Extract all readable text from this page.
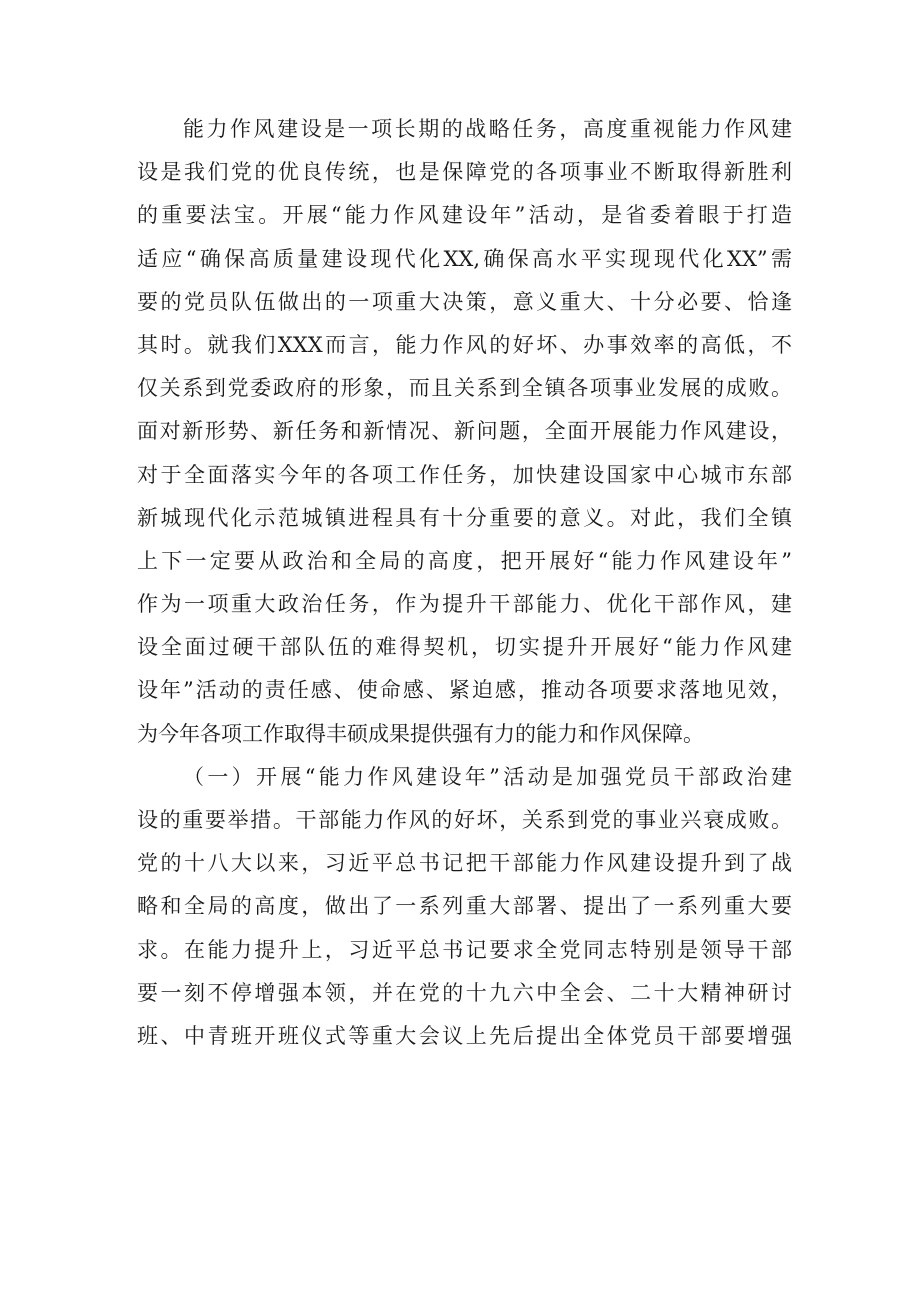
能力作风建设是一项长期的战略任务，高度重视能力作风建
设是我们党的优良传统，也是保障党的各项事业不断取得新胜利
的重要法宝。开展“能力作风建设年”活动，是省委着眼于打造
适应“确保高质量建设现代化XX,确保高水平实现现代化XX”需
要的党员队伍做出的一项重大决策，意义重大、十分必要、恰逢
其时。就我们XXX而言，能力作风的好坏、办事效率的高低，不
仅关系到党委政府的形象，而且关系到全镇各项事业发展的成败。
面对新形势、新任务和新情况、新问题，全面开展能力作风建设，
对于全面落实今年的各项工作任务，加快建设国家中心城市东部
新城现代化示范城镇进程具有十分重要的意义。对此，我们全镇
上下一定要从政治和全局的高度，把开展好“能力作风建设年”
作为一项重大政治任务，作为提升干部能力、优化干部作风，建
设全面过硬干部队伍的难得契机，切实提升开展好“能力作风建
设年”活动的责任感、使命感、紧迫感，推动各项要求落地见效，
为今年各项工作取得丰硕成果提供强有力的能力和作风保障。
（一）开展“能力作风建设年”活动是加强党员干部政治建
设的重要举措。干部能力作风的好坏，关系到党的事业兴衰成败。
党的十八大以来，习近平总书记把干部能力作风建设提升到了战
略和全局的高度，做出了一系列重大部署、提出了一系列重大要
求。在能力提升上，习近平总书记要求全党同志特别是领导干部
要一刻不停增强本领，并在党的十九六中全会、二十大精神研讨
班、中青班开班仪式等重大会议上先后提出全体党员干部要增强
